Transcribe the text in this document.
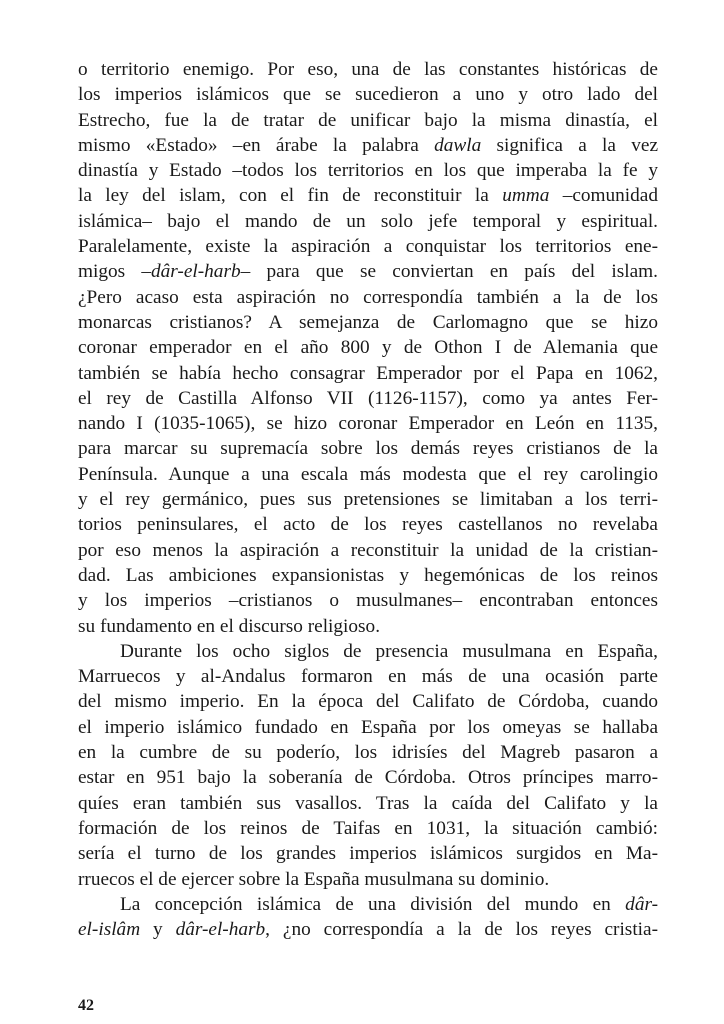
o territorio enemigo. Por eso, una de las constantes históricas de
los imperios islámicos que se sucedieron a uno y otro lado del
Estrecho, fue la de tratar de unificar bajo la misma dinastía, el
mismo «Estado» –en árabe la palabra dawla significa a la vez
dinastía y Estado –todos los territorios en los que imperaba la fe y
la ley del islam, con el fin de reconstituir la umma –comunidad
islámica– bajo el mando de un solo jefe temporal y espiritual.
Paralelamente, existe la aspiración a conquistar los territorios ene-
migos –dâr-el-harb– para que se conviertan en país del islam.
¿Pero acaso esta aspiración no correspondía también a la de los
monarcas cristianos? A semejanza de Carlomagno que se hizo
coronar emperador en el año 800 y de Othon I de Alemania que
también se había hecho consagrar Emperador por el Papa en 1062,
el rey de Castilla Alfonso VII (1126-1157), como ya antes Fer-
nando I (1035-1065), se hizo coronar Emperador en León en 1135,
para marcar su supremacía sobre los demás reyes cristianos de la
Península. Aunque a una escala más modesta que el rey carolingio
y el rey germánico, pues sus pretensiones se limitaban a los terri-
torios peninsulares, el acto de los reyes castellanos no revelaba
por eso menos la aspiración a reconstituir la unidad de la cristian-
dad. Las ambiciones expansionistas y hegemónicas de los reinos
y los imperios –cristianos o musulmanes– encontraban entonces
su fundamento en el discurso religioso.
Durante los ocho siglos de presencia musulmana en España,
Marruecos y al-Andalus formaron en más de una ocasión parte
del mismo imperio. En la época del Califato de Córdoba, cuando
el imperio islámico fundado en España por los omeyas se hallaba
en la cumbre de su poderío, los idrisíes del Magreb pasaron a
estar en 951 bajo la soberanía de Córdoba. Otros príncipes marro-
quíes eran también sus vasallos. Tras la caída del Califato y la
formación de los reinos de Taifas en 1031, la situación cambió:
sería el turno de los grandes imperios islámicos surgidos en Ma-
rruecos el de ejercer sobre la España musulmana su dominio.
La concepción islámica de una división del mundo en dâr-
el-islâm y dâr-el-harb, ¿no correspondía a la de los reyes cristia-
42
